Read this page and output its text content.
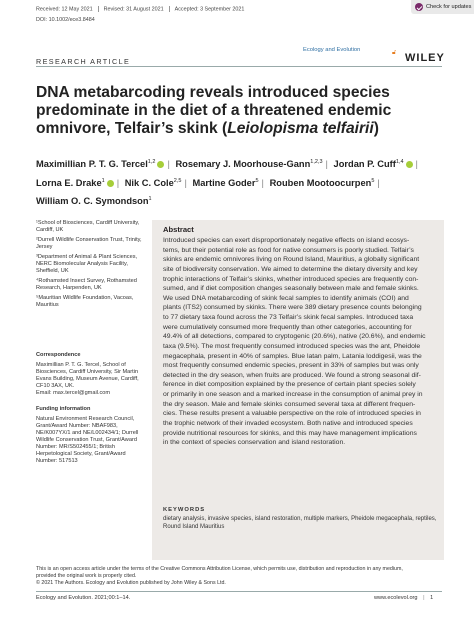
Received: 12 May 2021 Revised: 31 August 2021 Accepted: 3 September 2021
DOI: 10.1002/ece3.8484
Check for updates
RESEARCH ARTICLE
Ecology and Evolution	🔓︎ WILEY
DNA metabarcoding reveals introduced species predominate in the diet of a threatened endemic omnivore, Telfair’s skink (Leiolopisma telfairii)
Maximillian P. T. G. Tercel$^{1,2}$ | Rosemary J. Moorhouse-Gann$^{1,2,3}$ | Jordan P. Cuff$^{1,4}$ |
Lorna E. Drake$^1$ | Nik C. Cole$^{2,5}$ | Martine Goder$^5$ | Rouben Mootoocurpen$^5$ |
William O. C. Symondson$^1$

¹School of Biosciences, Cardiff University, Cardiff, UK

²Durrell Wildlife Conservation Trust, Trinity, Jersey

³Department of Animal & Plant Sciences, NERC Biomolecular Analysis Facility, Sheffield, UK

⁴Rothamsted Insect Survey, Rothamsted Research, Harpenden, UK

⁵Mauritian Wildlife Foundation, Vacoas, Mauritius

Correspondence

Maximillian P. T. G. Tercel, School of Biosciences, Cardiff University, Sir Martin Evans Building, Museum Avenue, Cardiff, CF10 3AX, UK.

Email: max.tercel@gmail.com

Funding information

Natural Environment Research Council, Grant/Award Number: NBAF983, NE/K007YX/1 and NE/L002434/1; Durrell Wildlife Conservation Trust, Grant/Award Number: MR/S502455/1; British Herpetological Society, Grant/Award Number: 517513

Abstract
Introduced species can exert disproportionately negative effects on island ecosys-
tems, but their potential role as food for native consumers is poorly studied. Telfair’s
skinks are endemic omnivores living on Round Island, Mauritius, a globally significant
site of biodiversity conservation. We aimed to determine the dietary diversity and key
trophic interactions of Telfair’s skinks, whether introduced species are frequently con-
sumed, and if diet composition changes seasonally between male and female skinks.
We used DNA metabarcoding of skink fecal samples to identify animals (COI) and
plants (ITS2) consumed by skinks. There were 389 dietary presence counts belonging
to 77 dietary taxa found across the 73 Telfair’s skink fecal samples. Introduced taxa
were cumulatively consumed more frequently than other categories, accounting for
49.4% of all detections, compared to cryptogenic (20.6%), native (20.6%), and endemic
taxa (9.5%). The most frequently consumed introduced species was the ant, Pheidole
megacephala, present in 40% of samples. Blue latan palm, Latania loddigesii, was the
most frequently consumed endemic species, present in 33% of samples but was only
detected in the dry season, when fruits are produced. We found a strong seasonal dif-
ference in diet composition explained by the presence of certain plant species solely
or primarily in one season and a marked increase in the consumption of animal prey in
the dry season. Male and female skinks consumed several taxa at different frequen-
cies. These results present a valuable perspective on the role of introduced species in
the trophic network of their invaded ecosystem. Both native and introduced species
provide nutritional resources for skinks, and this may have management implications
in the context of species conservation and island restoration.
KEYWORDS
dietary analysis, invasive species, island restoration, multiple markers, Pheidole megacephala, reptiles, Round Island Mauritius
This is an open access article under the terms of the Creative Commons Attribution License, which permits use, distribution and reproduction in any medium,
provided the original work is properly cited.
© 2021 The Authors. Ecology and Evolution published by John Wiley & Sons Ltd.
Ecology and Evolution. 2021;00:1–14.	www.ecolevol.org | 1
